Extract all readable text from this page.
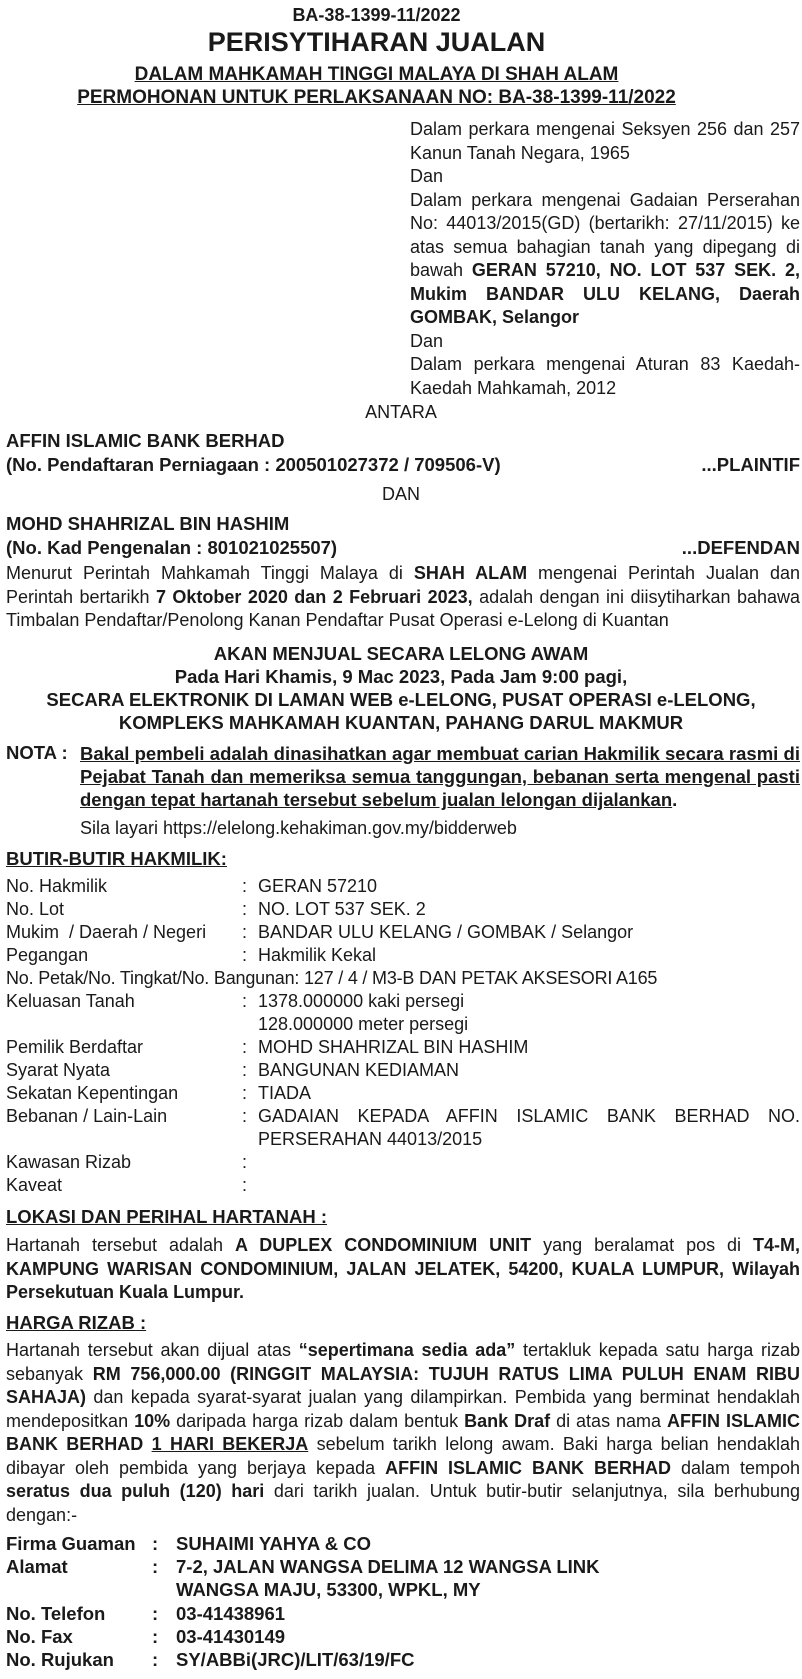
BA-38-1399-11/2022
PERISYTIHARAN JUALAN
DALAM MAHKAMAH TINGGI MALAYA DI SHAH ALAM
PERMOHONAN UNTUK PERLAKSANAAN NO: BA-38-1399-11/2022
Dalam perkara mengenai Seksyen 256 dan 257 Kanun Tanah Negara, 1965
Dan
Dalam perkara mengenai Gadaian Perserahan No: 44013/2015(GD) (bertarikh: 27/11/2015) ke atas semua bahagian tanah yang dipegang di bawah GERAN 57210, NO. LOT 537 SEK. 2, Mukim BANDAR ULU KELANG, Daerah GOMBAK, Selangor
Dan
Dalam perkara mengenai Aturan 83 Kaedah-Kaedah Mahkamah, 2012
ANTARA
AFFIN ISLAMIC BANK BERHAD
(No. Pendaftaran Perniagaan : 200501027372 / 709506-V)	...PLAINTIF
DAN
MOHD SHAHRIZAL BIN HASHIM
(No. Kad Pengenalan : 801021025507)	...DEFENDAN
Menurut Perintah Mahkamah Tinggi Malaya di SHAH ALAM mengenai Perintah Jualan dan Perintah bertarikh 7 Oktober 2020 dan 2 Februari 2023, adalah dengan ini diisytiharkan bahawa Timbalan Pendaftar/Penolong Kanan Pendaftar Pusat Operasi e-Lelong di Kuantan
AKAN MENJUAL SECARA LELONG AWAM
Pada Hari Khamis, 9 Mac 2023, Pada Jam 9:00 pagi,
SECARA ELEKTRONIK DI LAMAN WEB e-LELONG, PUSAT OPERASI e-LELONG,
KOMPLEKS MAHKAMAH KUANTAN, PAHANG DARUL MAKMUR
NOTA : Bakal pembeli adalah dinasihatkan agar membuat carian Hakmilik secara rasmi di Pejabat Tanah dan memeriksa semua tanggungan, bebanan serta mengenal pasti dengan tepat hartanah tersebut sebelum jualan lelongan dijalankan.
Sila layari https://elelong.kehakiman.gov.my/bidderweb
BUTIR-BUTIR HAKMILIK:
No. Hakmilik	: GERAN 57210
No. Lot	: NO. LOT 537 SEK. 2
Mukim  / Daerah / Negeri : BANDAR ULU KELANG / GOMBAK / Selangor
Pegangan	: Hakmilik Kekal
No. Petak/No. Tingkat/No. Bangunan: 127 / 4 / M3-B DAN PETAK AKSESORI A165
Keluasan Tanah	: 1378.000000 kaki persegi
128.000000 meter persegi
Pemilik Berdaftar	: MOHD SHAHRIZAL BIN HASHIM
Syarat Nyata	: BANGUNAN KEDIAMAN
Sekatan Kepentingan	: TIADA
Bebanan / Lain-Lain	: GADAIAN KEPADA AFFIN ISLAMIC BANK BERHAD NO.
PERSERAHAN 44013/2015
Kawasan Rizab	:
Kaveat	:
LOKASI DAN PERIHAL HARTANAH :
Hartanah tersebut adalah A DUPLEX CONDOMINIUM UNIT yang beralamat pos di T4-M, KAMPUNG WARISAN CONDOMINIUM, JALAN JELATEK, 54200, KUALA LUMPUR, Wilayah Persekutuan Kuala Lumpur.
HARGA RIZAB :
Hartanah tersebut akan dijual atas “sepertimana sedia ada” tertakluk kepada satu harga rizab sebanyak RM 756,000.00 (RINGGIT MALAYSIA: TUJUH RATUS LIMA PULUH ENAM RIBU SAHAJA) dan kepada syarat-syarat jualan yang dilampirkan. Pembida yang berminat hendaklah mendepositkan 10% daripada harga rizab dalam bentuk Bank Draf di atas nama AFFIN ISLAMIC BANK BERHAD 1 HARI BEKERJA sebelum tarikh lelong awam. Baki harga belian hendaklah dibayar oleh pembida yang berjaya kepada AFFIN ISLAMIC BANK BERHAD dalam tempoh seratus dua puluh (120) hari dari tarikh jualan. Untuk butir-butir selanjutnya, sila berhubung dengan:-
Firma Guaman : SUHAIMI YAHYA & CO
Alamat	: 7-2, JALAN WANGSA DELIMA 12 WANGSA LINK
WANGSA MAJU, 53300, WPKL, MY
No. Telefon	: 03-41438961
No. Fax	: 03-41430149
No. Rujukan : SY/ABBi(JRC)/LIT/63/19/FC
